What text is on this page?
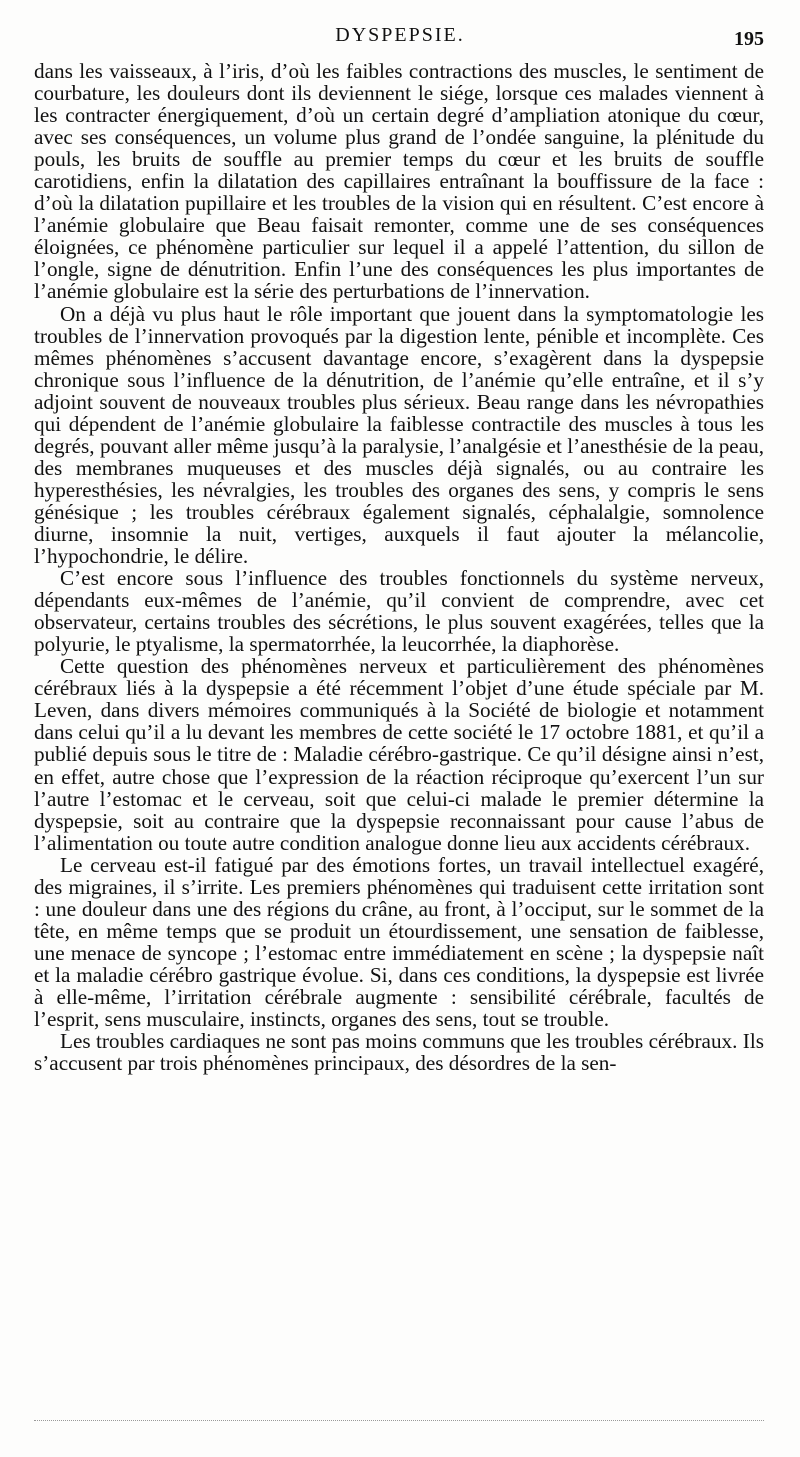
DYSPEPSIE.	195

dans les vaisseaux, à l’iris, d’où les faibles contractions des muscles, le sentiment de courbature, les douleurs dont ils deviennent le siége, lorsque ces malades viennent à les contracter énergiquement, d’où un certain degré d’ampliation atonique du cœur, avec ses conséquences, un volume plus grand de l’ondée sanguine, la plénitude du pouls, les bruits de souffle au premier temps du cœur et les bruits de souffle carotidiens, enfin la dilatation des capillaires entraînant la bouffissure de la face : d’où la dilatation pupillaire et les troubles de la vision qui en résultent. C’est encore à l’anémie globulaire que Beau faisait remonter, comme une de ses conséquences éloignées, ce phénomène particulier sur lequel il a appelé l’attention, du sillon de l’ongle, signe de dénutrition. Enfin l’une des conséquences les plus importantes de l’anémie globulaire est la série des perturbations de l’innervation.

On a déjà vu plus haut le rôle important que jouent dans la symptomatologie les troubles de l’innervation provoqués par la digestion lente, pénible et incomplète. Ces mêmes phénomènes s’accusent davantage encore, s’exagèrent dans la dyspepsie chronique sous l’influence de la dénutrition, de l’anémie qu’elle entraîne, et il s’y adjoint souvent de nouveaux troubles plus sérieux. Beau range dans les névropathies qui dépendent de l’anémie globulaire la faiblesse contractile des muscles à tous les degrés, pouvant aller même jusqu’à la paralysie, l’analgésie et l’anesthésie de la peau, des membranes muqueuses et des muscles déjà signalés, ou au contraire les hyperesthésies, les névralgies, les troubles des organes des sens, y compris le sens génésique ; les troubles cérébraux également signalés, céphalalgie, somnolence diurne, insomnie la nuit, vertiges, auxquels il faut ajouter la mélancolie, l’hypochondrie, le délire.

C’est encore sous l’influence des troubles fonctionnels du système nerveux, dépendants eux-mêmes de l’anémie, qu’il convient de comprendre, avec cet observateur, certains troubles des sécrétions, le plus souvent exagérées, telles que la polyurie, le ptyalisme, la spermatorrhée, la leucorrhée, la diaphorèse.

Cette question des phénomènes nerveux et particulièrement des phénomènes cérébraux liés à la dyspepsie a été récemment l’objet d’une étude spéciale par M. Leven, dans divers mémoires communiqués à la Société de biologie et notamment dans celui qu’il a lu devant les membres de cette société le 17 octobre 1881, et qu’il a publié depuis sous le titre de : Maladie cérébro-gastrique. Ce qu’il désigne ainsi n’est, en effet, autre chose que l’expression de la réaction réciproque qu’exercent l’un sur l’autre l’estomac et le cerveau, soit que celui-ci malade le premier détermine la dyspepsie, soit au contraire que la dyspepsie reconnaissant pour cause l’abus de l’alimentation ou toute autre condition analogue donne lieu aux accidents cérébraux.

Le cerveau est-il fatigué par des émotions fortes, un travail intellectuel exagéré, des migraines, il s’irrite. Les premiers phénomènes qui traduisent cette irritation sont : une douleur dans une des régions du crâne, au front, à l’occiput, sur le sommet de la tête, en même temps que se produit un étourdissement, une sensation de faiblesse, une menace de syncope ; l’estomac entre immédiatement en scène ; la dyspepsie naît et la maladie cérébro gastrique évolue. Si, dans ces conditions, la dyspepsie est livrée à elle-même, l’irritation cérébrale augmente : sensibilité cérébrale, facultés de l’esprit, sens musculaire, instincts, organes des sens, tout se trouble.

Les troubles cardiaques ne sont pas moins communs que les troubles cérébraux. Ils s’accusent par trois phénomènes principaux, des désordres de la sen-
